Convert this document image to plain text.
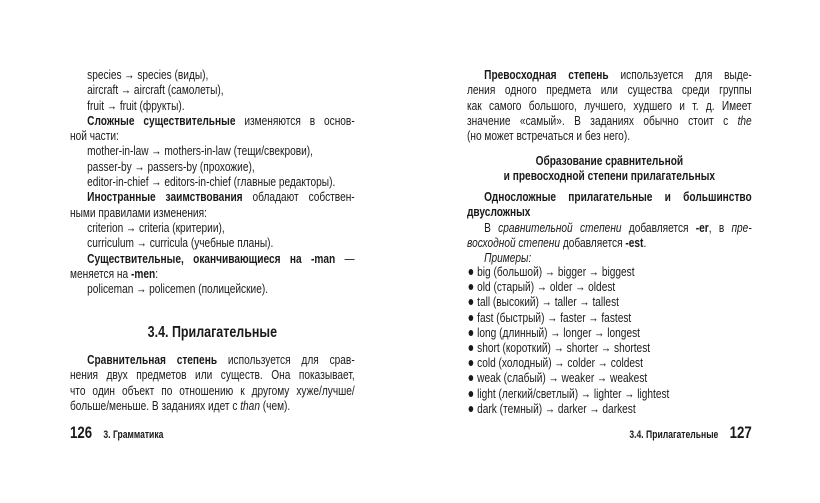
species → species (виды),
aircraft → aircraft (самолеты),
fruit → fruit (фрукты).
Сложные существительные изменяются в основ-
ной части:
mother-in-law → mothers-in-law (тещи/свекрови),
passer-by → passers-by (прохожие),
editor-in-chief → editors-in-chief (главные редакторы).
Иностранные заимствования обладают собствен-
ными правилами изменения:
criterion → criteria (критерии),
curriculum → curricula (учебные планы).
Существительные, оканчивающиеся на -man —
меняется на -men:
policeman → policemen (полицейские).
3.4. Прилагательные
Сравнительная степень используется для срав-
нения двух предметов или существ. Она показывает,
что один объект по отношению к другому хуже/лучше/
больше/меньше. В заданиях идет с than (чем).
126 3. Грамматика
Превосходная степень используется для выде-
ления одного предмета или существа среди группы
как самого большого, лучшего, худшего и т. д. Имеет
значение «самый». В заданиях обычно стоит с the
(но может встречаться и без него).
Образование сравнительной
и превосходной степени прилагательных
Односложные прилагательные и большинство
двусложных
В сравнительной степени добавляется -er, в пре-
восходной степени добавляется -est.
Примеры:
big (большой) → bigger → biggest
old (старый) → older → oldest
tall (высокий) → taller → tallest
fast (быстрый) → faster → fastest
long (длинный) → longer → longest
short (короткий) → shorter → shortest
cold (холодный) → colder → coldest
weak (слабый) → weaker → weakest
light (легкий/светлый) → lighter → lightest
dark (темный) → darker → darkest
3.4. Прилагательные 127
